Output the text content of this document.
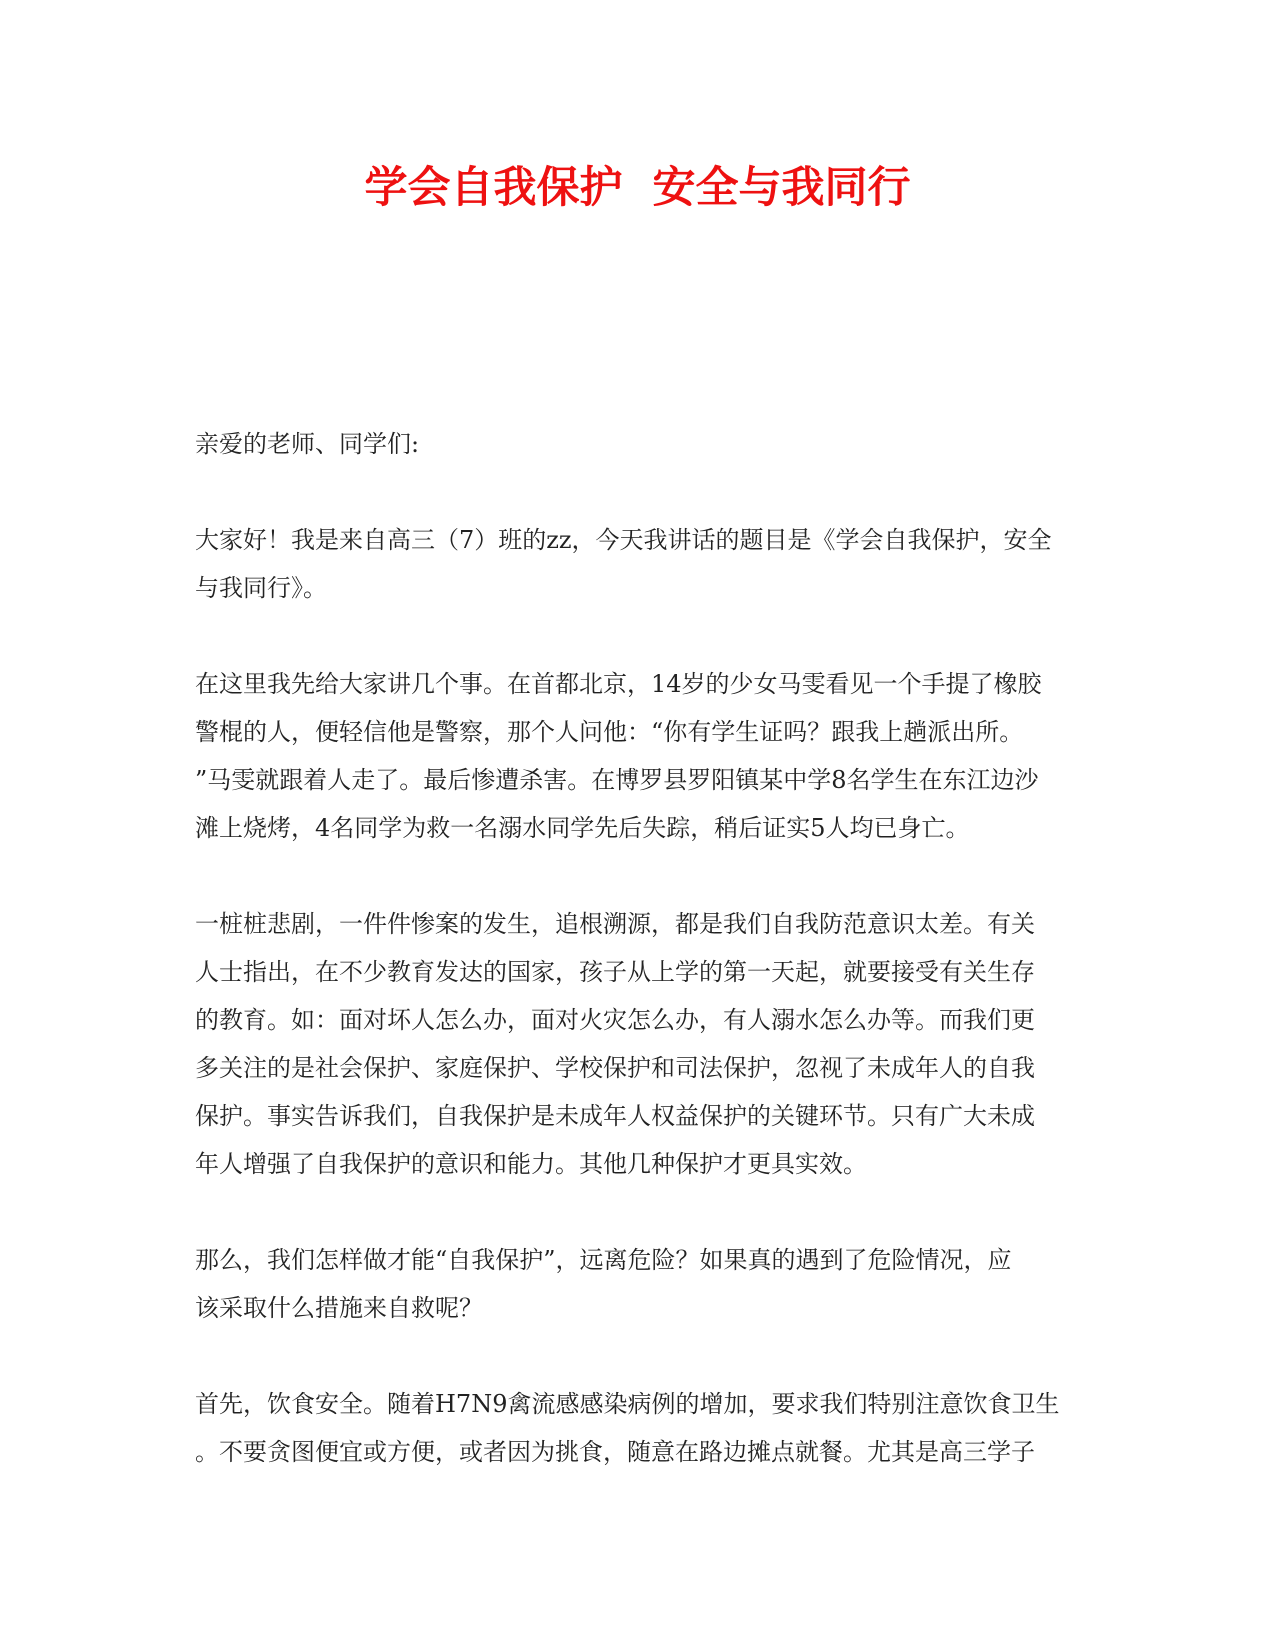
学会自我保护  安全与我同行

亲爱的老师、同学们:

大家好！我是来自高三（7）班的zz，今天我讲话的题目是《学会自我保护，安全
与我同行》。

在这里我先给大家讲几个事。在首都北京，14岁的少女马雯看见一个手提了橡胶
警棍的人，便轻信他是警察，那个人问他：“你有学生证吗？跟我上趟派出所。
”马雯就跟着人走了。最后惨遭杀害。在博罗县罗阳镇某中学8名学生在东江边沙
滩上烧烤，4名同学为救一名溺水同学先后失踪，稍后证实5人均已身亡。

一桩桩悲剧，一件件惨案的发生，追根溯源，都是我们自我防范意识太差。有关
人士指出，在不少教育发达的国家，孩子从上学的第一天起，就要接受有关生存
的教育。如：面对坏人怎么办，面对火灾怎么办，有人溺水怎么办等。而我们更
多关注的是社会保护、家庭保护、学校保护和司法保护，忽视了未成年人的自我
保护。事实告诉我们，自我保护是未成年人权益保护的关键环节。只有广大未成
年人增强了自我保护的意识和能力。其他几种保护才更具实效。

那么，我们怎样做才能“自我保护”，远离危险？如果真的遇到了危险情况，应
该采取什么措施来自救呢？

首先，饮食安全。随着H7N9禽流感感染病例的增加，要求我们特别注意饮食卫生
。不要贪图便宜或方便，或者因为挑食，随意在路边摊点就餐。尤其是高三学子
